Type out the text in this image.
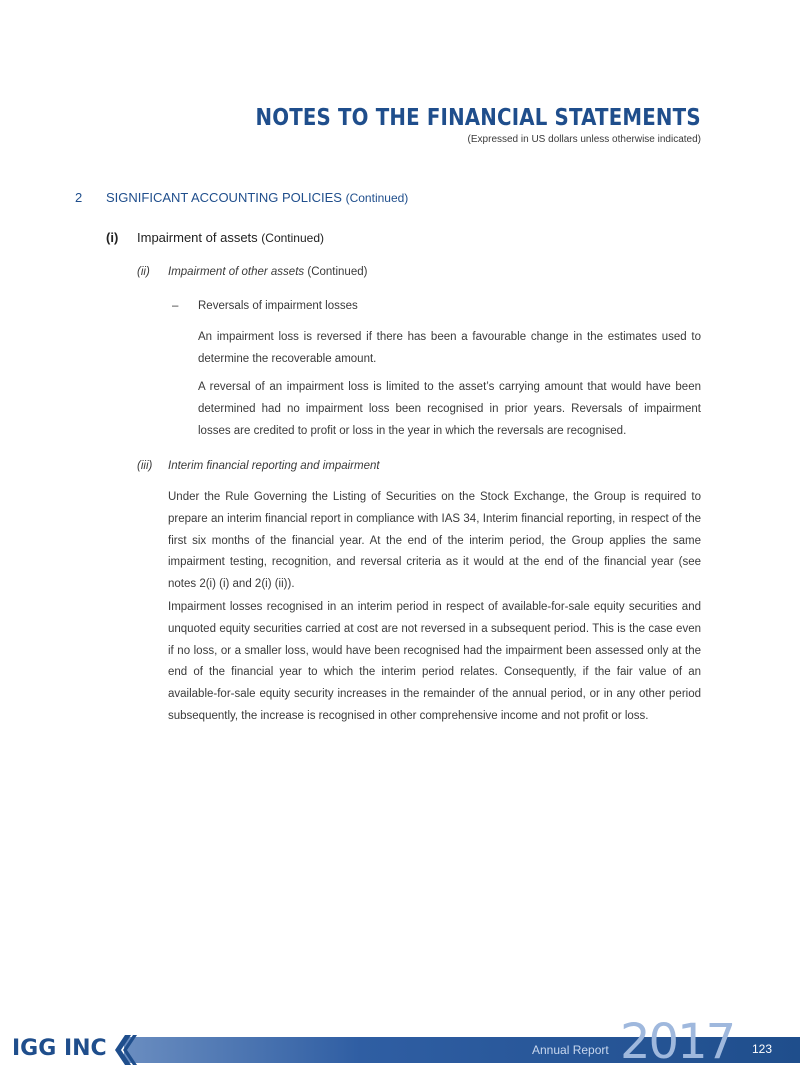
NOTES TO THE FINANCIAL STATEMENTS
(Expressed in US dollars unless otherwise indicated)
2 SIGNIFICANT ACCOUNTING POLICIES (Continued)
(i) Impairment of assets (Continued)
(ii) Impairment of other assets (Continued)
– Reversals of impairment losses

An impairment loss is reversed if there has been a favourable change in the estimates used to determine the recoverable amount.

A reversal of an impairment loss is limited to the asset’s carrying amount that would have been determined had no impairment loss been recognised in prior years. Reversals of impairment losses are credited to profit or loss in the year in which the reversals are recognised.

(iii) Interim financial reporting and impairment

Under the Rule Governing the Listing of Securities on the Stock Exchange, the Group is required to prepare an interim financial report in compliance with IAS 34, Interim financial reporting, in respect of the first six months of the financial year. At the end of the interim period, the Group applies the same impairment testing, recognition, and reversal criteria as it would at the end of the financial year (see notes 2(i) (i) and 2(i) (ii)).

Impairment losses recognised in an interim period in respect of available-for-sale equity securities and unquoted equity securities carried at cost are not reversed in a subsequent period. This is the case even if no loss, or a smaller loss, would have been recognised had the impairment been assessed only at the end of the financial year to which the interim period relates. Consequently, if the fair value of an available-for-sale equity security increases in the remainder of the annual period, or in any other period subsequently, the increase is recognised in other comprehensive income and not profit or loss.

IGG INC	Annual Report 2017 123
